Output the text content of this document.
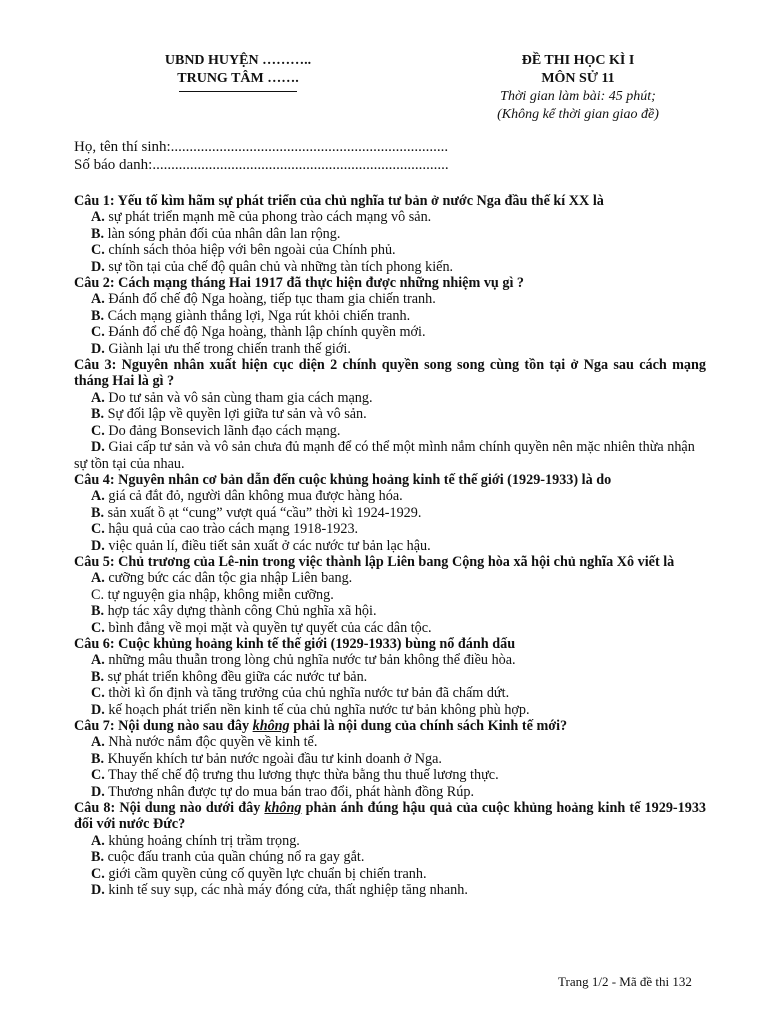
UBND HUYỆN ………..
TRUNG TÂM …….
ĐỀ THI HỌC KÌ I
MÔN SỬ 11
Thời gian làm bài: 45 phút;
(Không kể thời gian giao đề)
Họ, tên thí sinh:..........................................................................
Số báo danh:...............................................................................
Câu 1: Yếu tố kìm hãm sự phát triển của chủ nghĩa tư bản ở nước Nga đầu thế kí XX là
A. sự phát triển mạnh mẽ của phong trào cách mạng vô sản.
B. làn sóng phản đối của nhân dân lan rộng.
C. chính sách thỏa hiệp với bên ngoài của Chính phủ.
D. sự tồn tại của chế độ quân chủ và những tàn tích phong kiến.
Câu 2: Cách mạng tháng Hai 1917 đã thực hiện được những nhiệm vụ gì ?
A. Đánh đổ chế độ Nga hoàng, tiếp tục tham gia chiến tranh.
B. Cách mạng giành thắng lợi, Nga rút khỏi chiến tranh.
C. Đánh đổ chế độ Nga hoàng, thành lập chính quyền mới.
D. Giành lại ưu thế trong chiến tranh thế giới.
Câu 3: Nguyên nhân xuất hiện cục diện 2 chính quyền song song cùng tồn tại ở Nga sau cách mạng tháng Hai là gì ?
A. Do tư sản và vô sản cùng tham gia cách mạng.
B. Sự đối lập về quyền lợi giữa tư sản và vô sản.
C. Do đảng Bonsevich lãnh đạo cách mạng.
D. Giai cấp tư sản và vô sản chưa đủ mạnh để có thể một mình nắm chính quyền nên mặc nhiên thừa nhận sự tồn tại của nhau.
Câu 4: Nguyên nhân cơ bản dẫn đến cuộc khủng hoảng kinh tế thế giới (1929-1933) là do
A. giá cả đắt đỏ, người dân không mua được hàng hóa.
B. sản xuất ồ ạt “cung” vượt quá “cầu” thời kì 1924-1929.
C. hậu quả của cao trào cách mạng 1918-1923.
D. việc quản lí, điều tiết sản xuất ở các nước tư bản lạc hậu.
Câu 5: Chủ trương của Lê-nin trong việc thành lập Liên bang Cộng hòa xã hội chủ nghĩa Xô viết là
A. cưỡng bức các dân tộc gia nhập Liên bang.
C. tự nguyện gia nhập, không miễn cưỡng.
B. hợp tác xây dựng thành công Chủ nghĩa xã hội.
C. bình đẳng về mọi mặt và quyền tự quyết của các dân tộc.
Câu 6: Cuộc khủng hoảng kinh tế thế giới (1929-1933) bùng nổ đánh dấu
A. những mâu thuẫn trong lòng chủ nghĩa nước tư bản không thể điều hòa.
B. sự phát triển không đều giữa các nước tư bản.
C. thời kì ổn định và tăng trưởng của chủ nghĩa nước tư bản đã chấm dứt.
D. kế hoạch phát triển nền kinh tế của chủ nghĩa nước tư bản không phù hợp.
Câu 7: Nội dung nào sau đây không phải là nội dung của chính sách Kinh tế mới?
A. Nhà nước nắm độc quyền về kinh tế.
B. Khuyến khích tư bản nước ngoài đầu tư kinh doanh ở Nga.
C. Thay thế chế độ trưng thu lương thực thừa bằng thu thuế lương thực.
D. Thương nhân được tự do mua bán trao đổi, phát hành đồng Rúp.
Câu 8: Nội dung nào dưới đây không phản ánh đúng hậu quả của cuộc khủng hoảng kinh tế 1929-1933 đối với nước Đức?
A. khủng hoảng chính trị trầm trọng.
B. cuộc đấu tranh của quần chúng nổ ra gay gắt.
C. giới cầm quyền củng cố quyền lực chuẩn bị chiến tranh.
D. kinh tế suy sụp, các nhà máy đóng cửa, thất nghiệp tăng nhanh.
Trang 1/2 - Mã đề thi 132
